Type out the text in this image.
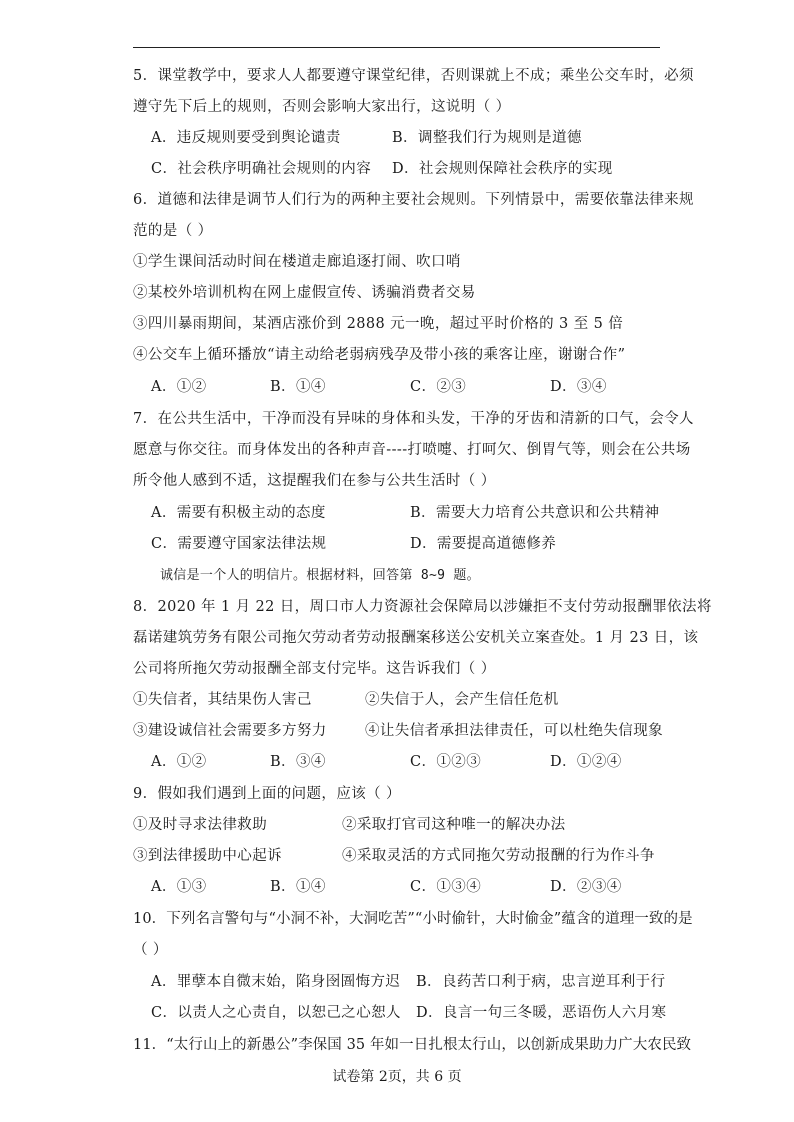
5．课堂教学中，要求人人都要遵守课堂纪律，否则课就上不成；乘坐公交车时，必须
遵守先下后上的规则，否则会影响大家出行，这说明（ ）
A．违反规则要受到舆论谴责	B．调整我们行为规则是道德
C．社会秩序明确社会规则的内容 D．社会规则保障社会秩序的实现
6．道德和法律是调节人们行为的两种主要社会规则。下列情景中，需要依靠法律来规
范的是（ ）
①学生课间活动时间在楼道走廊追逐打闹、吹口哨
②某校外培训机构在网上虚假宣传、诱骗消费者交易
③四川暴雨期间，某酒店涨价到 2888 元一晚，超过平时价格的 3 至 5 倍
④公交车上循环播放“请主动给老弱病残孕及带小孩的乘客让座，谢谢合作”
A．①②	B．①④	C．②③	D．③④
7．在公共生活中，干净而没有异味的身体和头发，干净的牙齿和清新的口气，会令人
愿意与你交往。而身体发出的各种声音----打喷嚏、打呵欠、倒胃气等，则会在公共场
所令他人感到不适，这提醒我们在参与公共生活时（ ）
A．需要有积极主动的态度	B．需要大力培育公共意识和公共精神
C．需要遵守国家法律法规	D．需要提高道德修养
诚信是一个人的明信片。根据材料，回答第 8~9 题。
8．2020 年 1 月 22 日，周口市人力资源社会保障局以涉嫌拒不支付劳动报酬罪依法将
磊诺建筑劳务有限公司拖欠劳动者劳动报酬案移送公安机关立案查处。1 月 23 日，该
公司将所拖欠劳动报酬全部支付完毕。这告诉我们（ ）
①失信者，其结果伤人害己	②失信于人，会产生信任危机
③建设诚信社会需要多方努力	④让失信者承担法律责任，可以杜绝失信现象
A．①②	B．③④	C．①②③	D．①②④
9．假如我们遇到上面的问题，应该（ ）
①及时寻求法律救助	②采取打官司这种唯一的解决办法
③到法律援助中心起诉	④采取灵活的方式同拖欠劳动报酬的行为作斗争
A．①③	B．①④	C．①③④	D．②③④
10．下列名言警句与“小洞不补，大洞吃苦”“小时偷针，大时偷金”蕴含的道理一致的是
（ ）
A．罪孽本自微末始，陷身囹圄悔方迟 B．良药苦口利于病，忠言逆耳利于行
C．以责人之心责自，以恕己之心恕人 D．良言一句三冬暖，恶语伤人六月寒
11．“太行山上的新愚公”李保国 35 年如一日扎根太行山，以创新成果助力广大农民致
试卷第 2页，共 6 页
